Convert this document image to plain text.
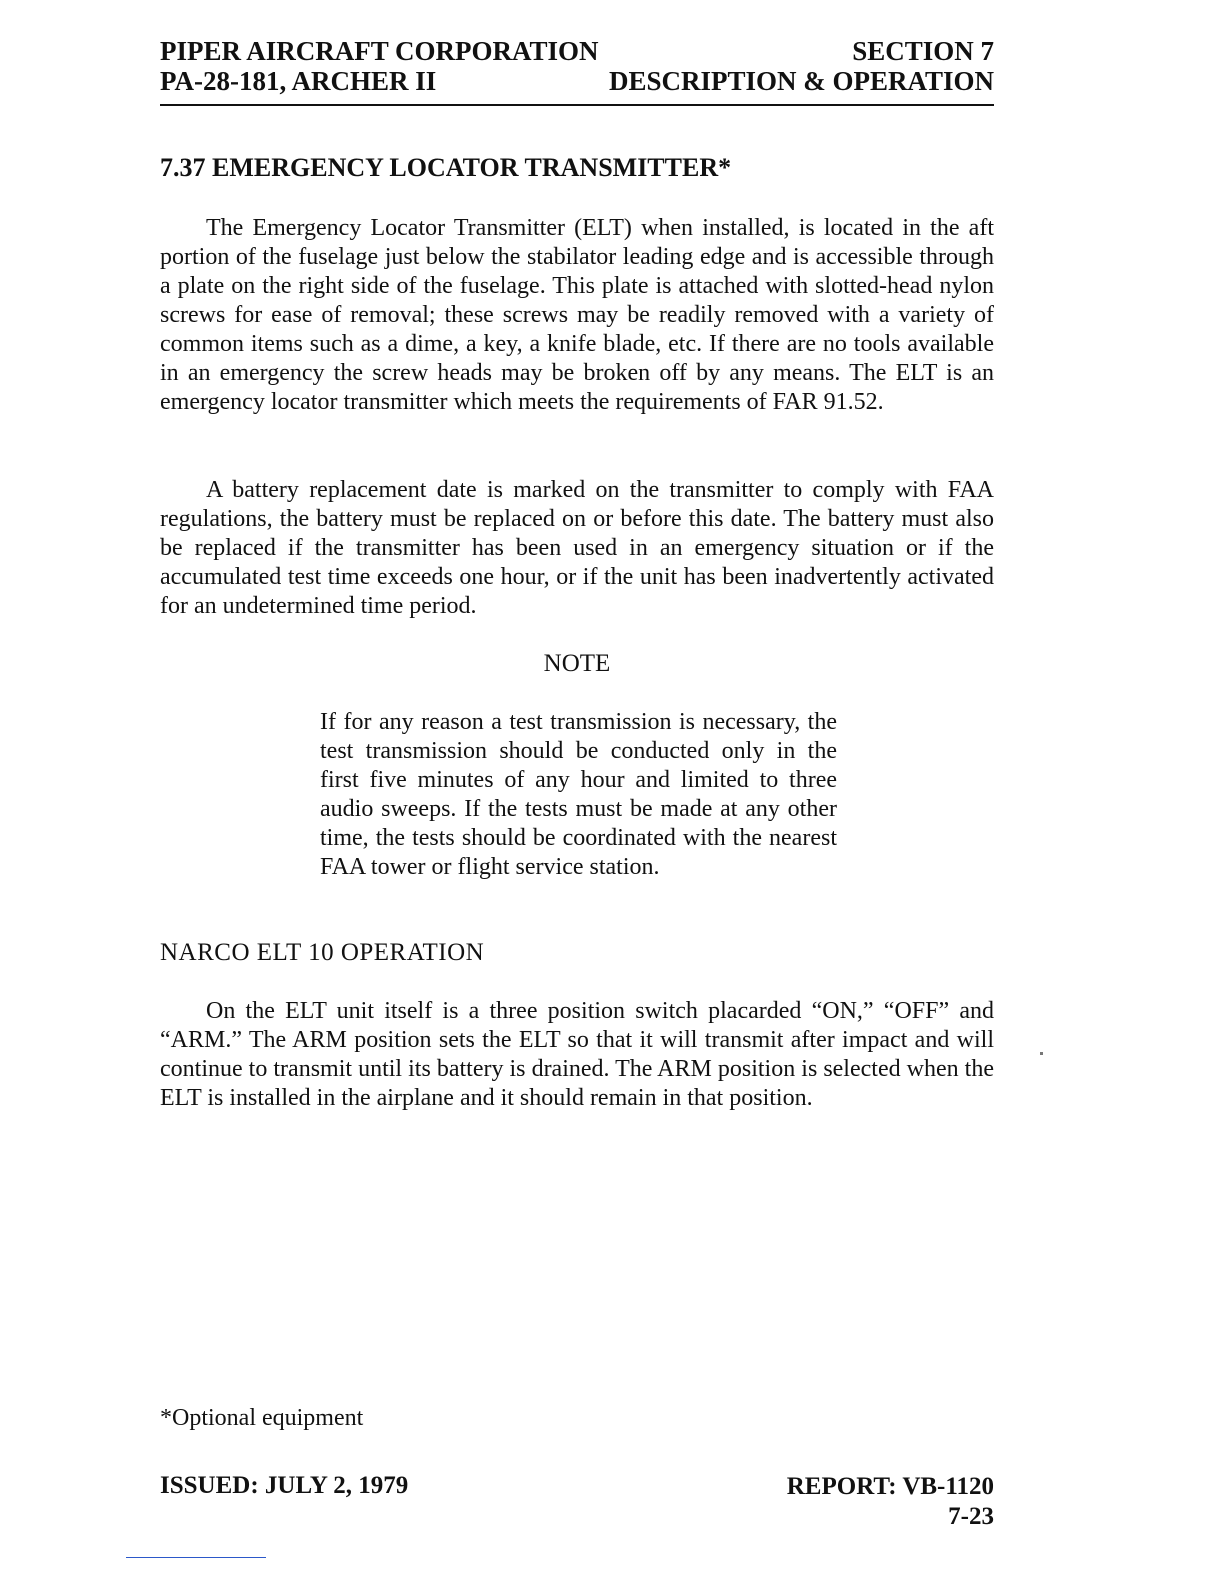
PIPER AIRCRAFT CORPORATION	SECTION 7
PA-28-181, ARCHER II	DESCRIPTION & OPERATION
7.37 EMERGENCY LOCATOR TRANSMITTER*

The Emergency Locator Transmitter (ELT) when installed, is located in the aft portion of the fuselage just below the stabilator leading edge and is accessible through a plate on the right side of the fuselage. This plate is attached with slotted-head nylon screws for ease of removal; these screws may be readily removed with a variety of common items such as a dime, a key, a knife blade, etc. If there are no tools available in an emergency the screw heads may be broken off by any means. The ELT is an emergency locator transmitter which meets the requirements of FAR 91.52.

A battery replacement date is marked on the transmitter to comply with FAA regulations, the battery must be replaced on or before this date. The battery must also be replaced if the transmitter has been used in an emergency situation or if the accumulated test time exceeds one hour, or if the unit has been inadvertently activated for an undetermined time period.

NOTE

If for any reason a test transmission is necessary, the test transmission should be conducted only in the first five minutes of any hour and limited to three audio sweeps. If the tests must be made at any other time, the tests should be coordinated with the nearest FAA tower or flight service station.

NARCO ELT 10 OPERATION

On the ELT unit itself is a three position switch placarded “ON,” “OFF” and “ARM.” The ARM position sets the ELT so that it will transmit after impact and will continue to transmit until its battery is drained. The ARM position is selected when the ELT is installed in the airplane and it should remain in that position.

*Optional equipment
ISSUED: JULY 2, 1979	REPORT: VB-1120
7-23
